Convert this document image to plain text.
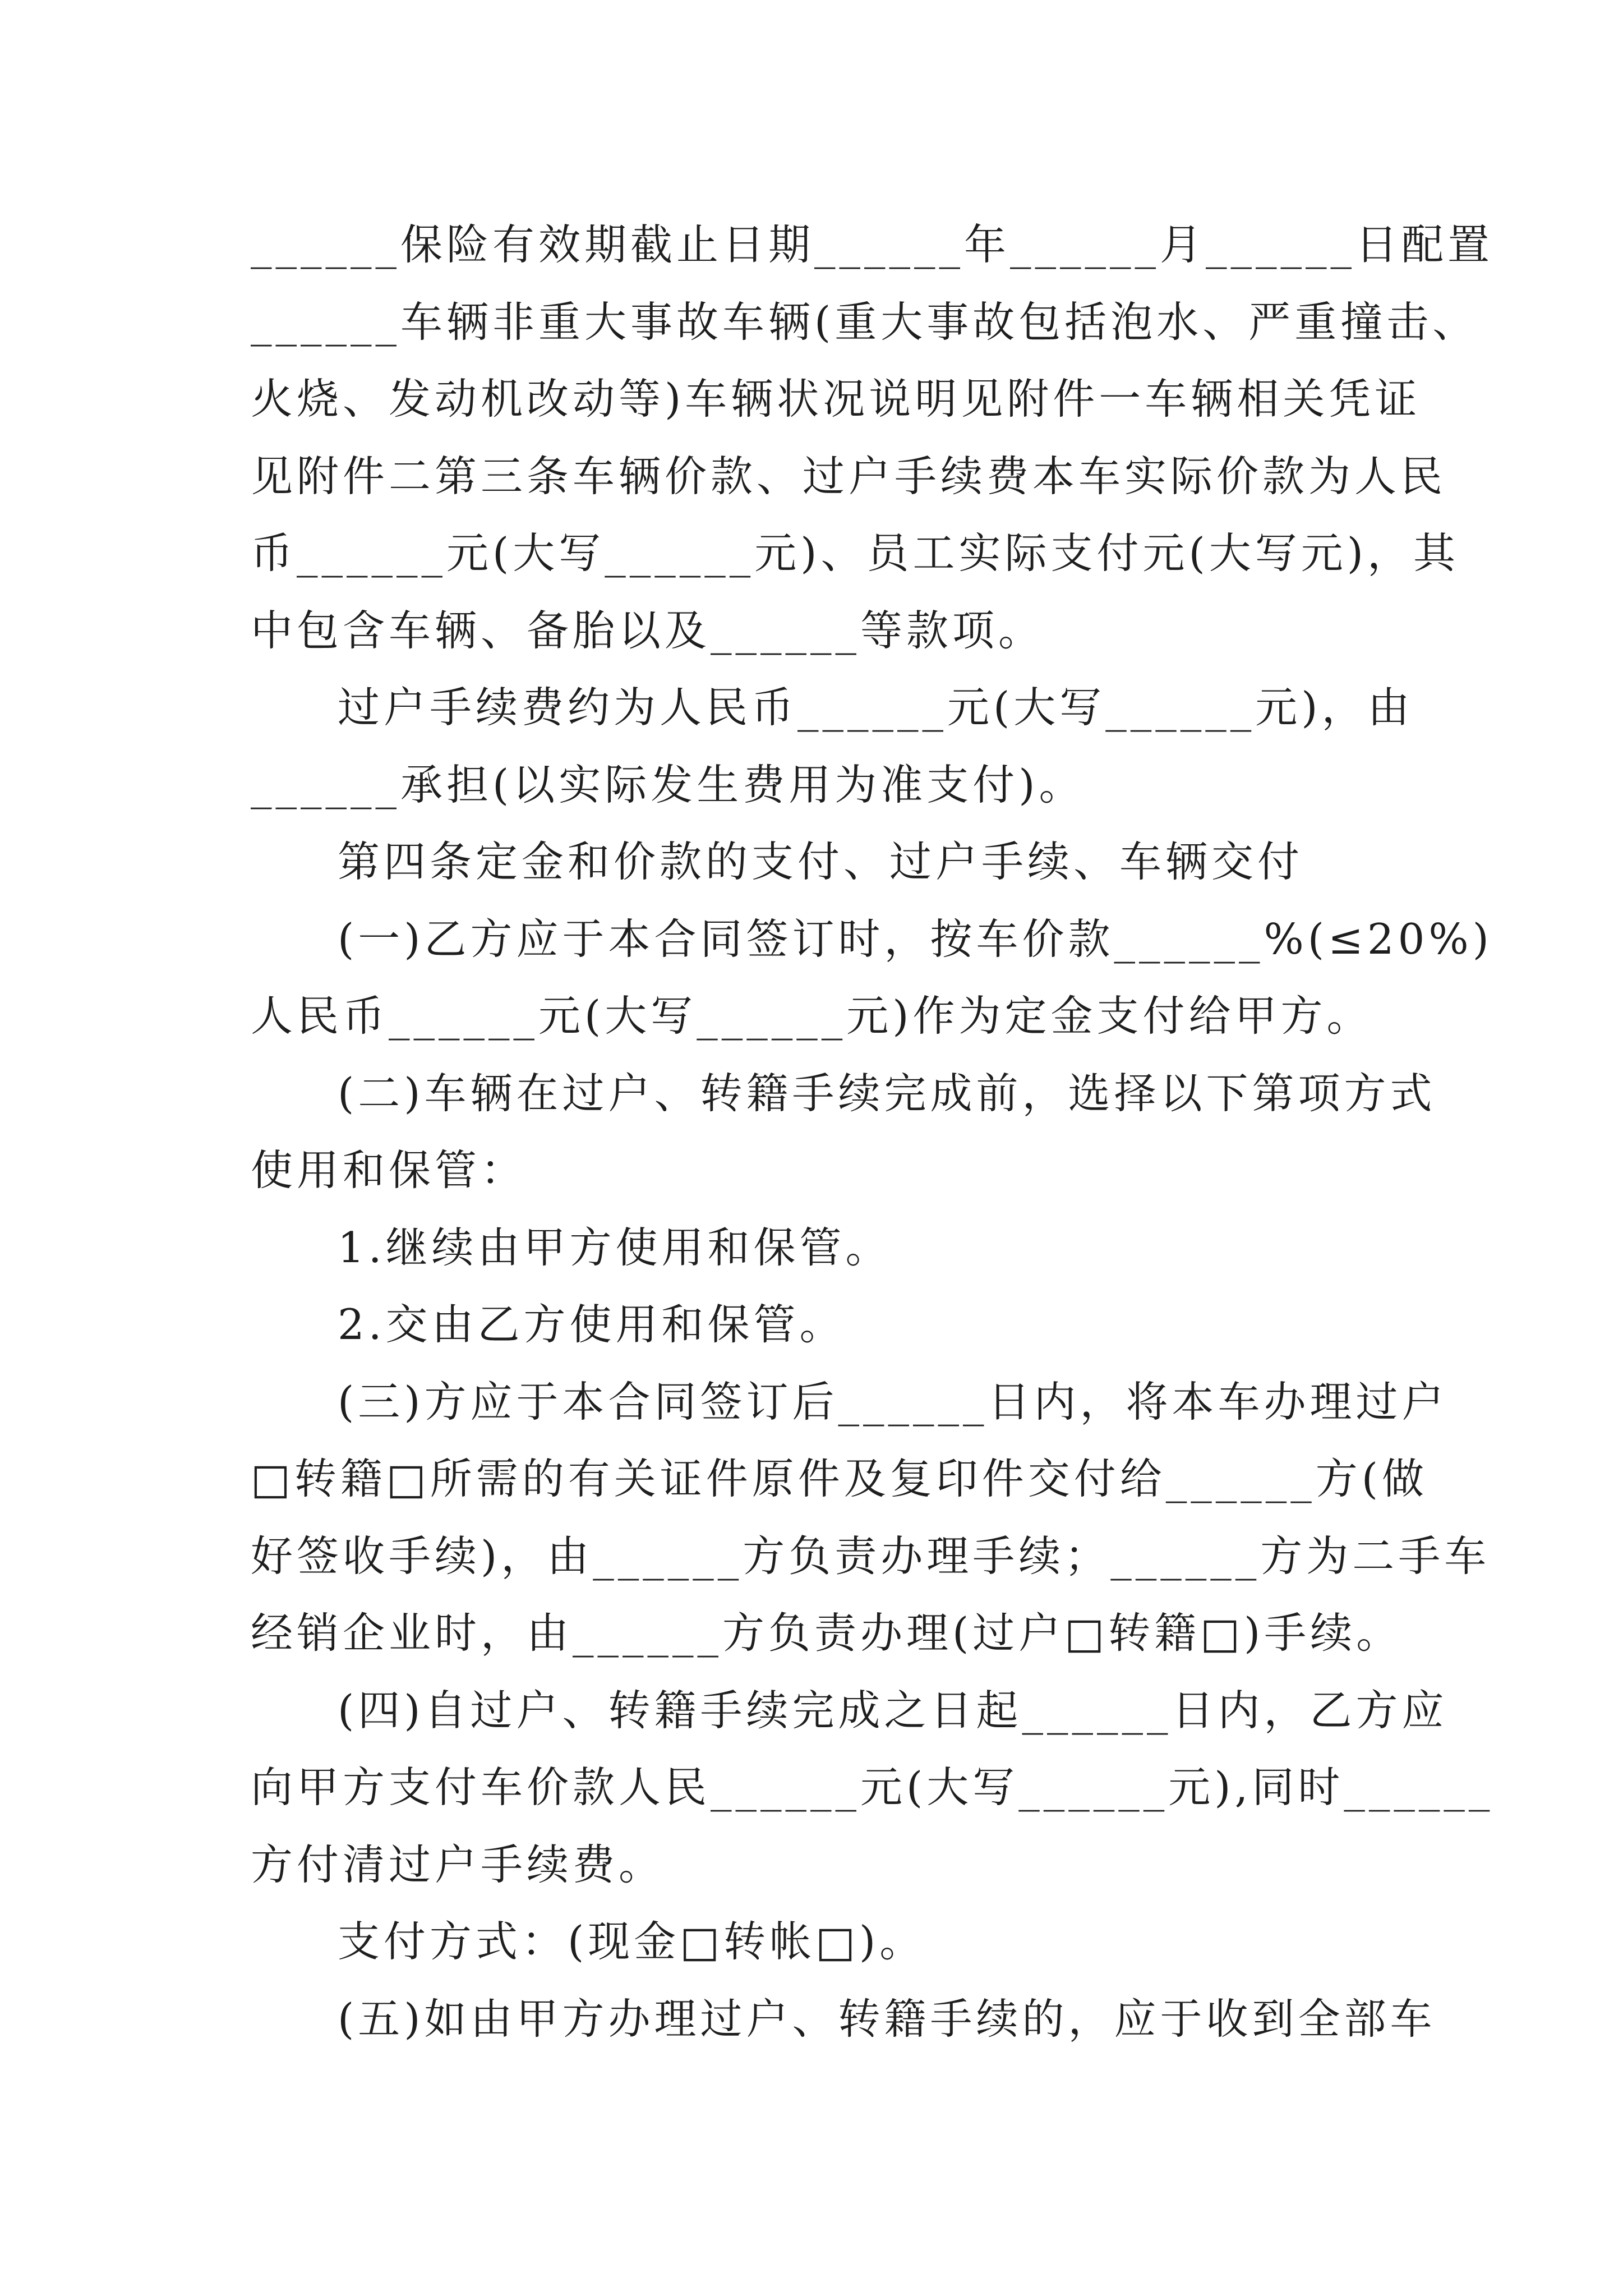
______保险有效期截止日期______年______月______日配置
______车辆非重大事故车辆(重大事故包括泡水、严重撞击、
火烧、发动机改动等)车辆状况说明见附件一车辆相关凭证
见附件二第三条车辆价款、过户手续费本车实际价款为人民
币______元(大写______元)、员工实际支付元(大写元)，其
中包含车辆、备胎以及______等款项。
过户手续费约为人民币______元(大写______元)，由
______承担(以实际发生费用为准支付)。
第四条定金和价款的支付、过户手续、车辆交付
(一)乙方应于本合同签订时，按车价款______%(≤20%)
人民币______元(大写______元)作为定金支付给甲方。
(二)车辆在过户、转籍手续完成前，选择以下第项方式
使用和保管：
1.继续由甲方使用和保管。
2.交由乙方使用和保管。
(三)方应于本合同签订后______日内，将本车办理过户
□转籍□所需的有关证件原件及复印件交付给______方(做
好签收手续)，由______方负责办理手续；______方为二手车
经销企业时，由______方负责办理(过户□转籍□)手续。
(四)自过户、转籍手续完成之日起______日内，乙方应
向甲方支付车价款人民______元(大写______元),同时______
方付清过户手续费。
支付方式：(现金□转帐□)。
(五)如由甲方办理过户、转籍手续的，应于收到全部车
